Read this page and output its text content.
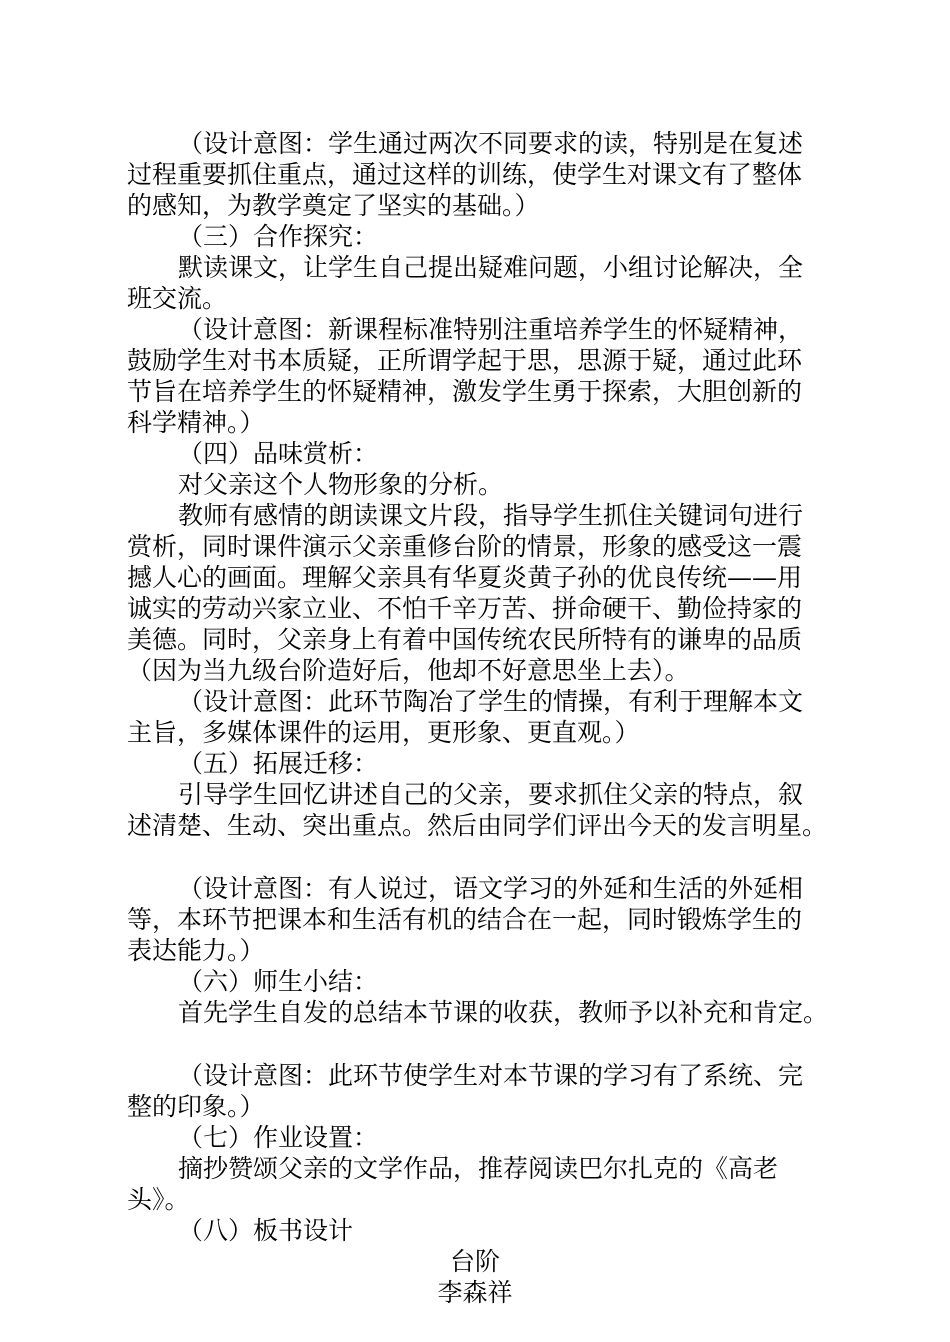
（设计意图：学生通过两次不同要求的读，特别是在复述
过程重要抓住重点，通过这样的训练，使学生对课文有了整体
的感知，为教学奠定了坚实的基础。）
（三）合作探究：
默读课文，让学生自己提出疑难问题，小组讨论解决，全
班交流。
（设计意图：新课程标准特别注重培养学生的怀疑精神，
鼓励学生对书本质疑，正所谓学起于思，思源于疑，通过此环
节旨在培养学生的怀疑精神，激发学生勇于探索，大胆创新的
科学精神。）
（四）品味赏析：
对父亲这个人物形象的分析。
教师有感情的朗读课文片段，指导学生抓住关键词句进行
赏析，同时课件演示父亲重修台阶的情景，形象的感受这一震
撼人心的画面。理解父亲具有华夏炎黄子孙的优良传统——用
诚实的劳动兴家立业、不怕千辛万苦、拼命硬干、勤俭持家的
美德。同时，父亲身上有着中国传统农民所特有的谦卑的品质
（因为当九级台阶造好后，他却不好意思坐上去）。
（设计意图：此环节陶冶了学生的情操，有利于理解本文
主旨，多媒体课件的运用，更形象、更直观。）
（五）拓展迁移：
引导学生回忆讲述自己的父亲，要求抓住父亲的特点，叙
述清楚、生动、突出重点。然后由同学们评出今天的发言明星。
（设计意图：有人说过，语文学习的外延和生活的外延相
等，本环节把课本和生活有机的结合在一起，同时锻炼学生的
表达能力。）
（六）师生小结：
首先学生自发的总结本节课的收获，教师予以补充和肯定。
（设计意图：此环节使学生对本节课的学习有了系统、完
整的印象。）
（七）作业设置：
摘抄赞颂父亲的文学作品，推荐阅读巴尔扎克的《高老
头》。
（八）板书设计
台阶
李森祥
